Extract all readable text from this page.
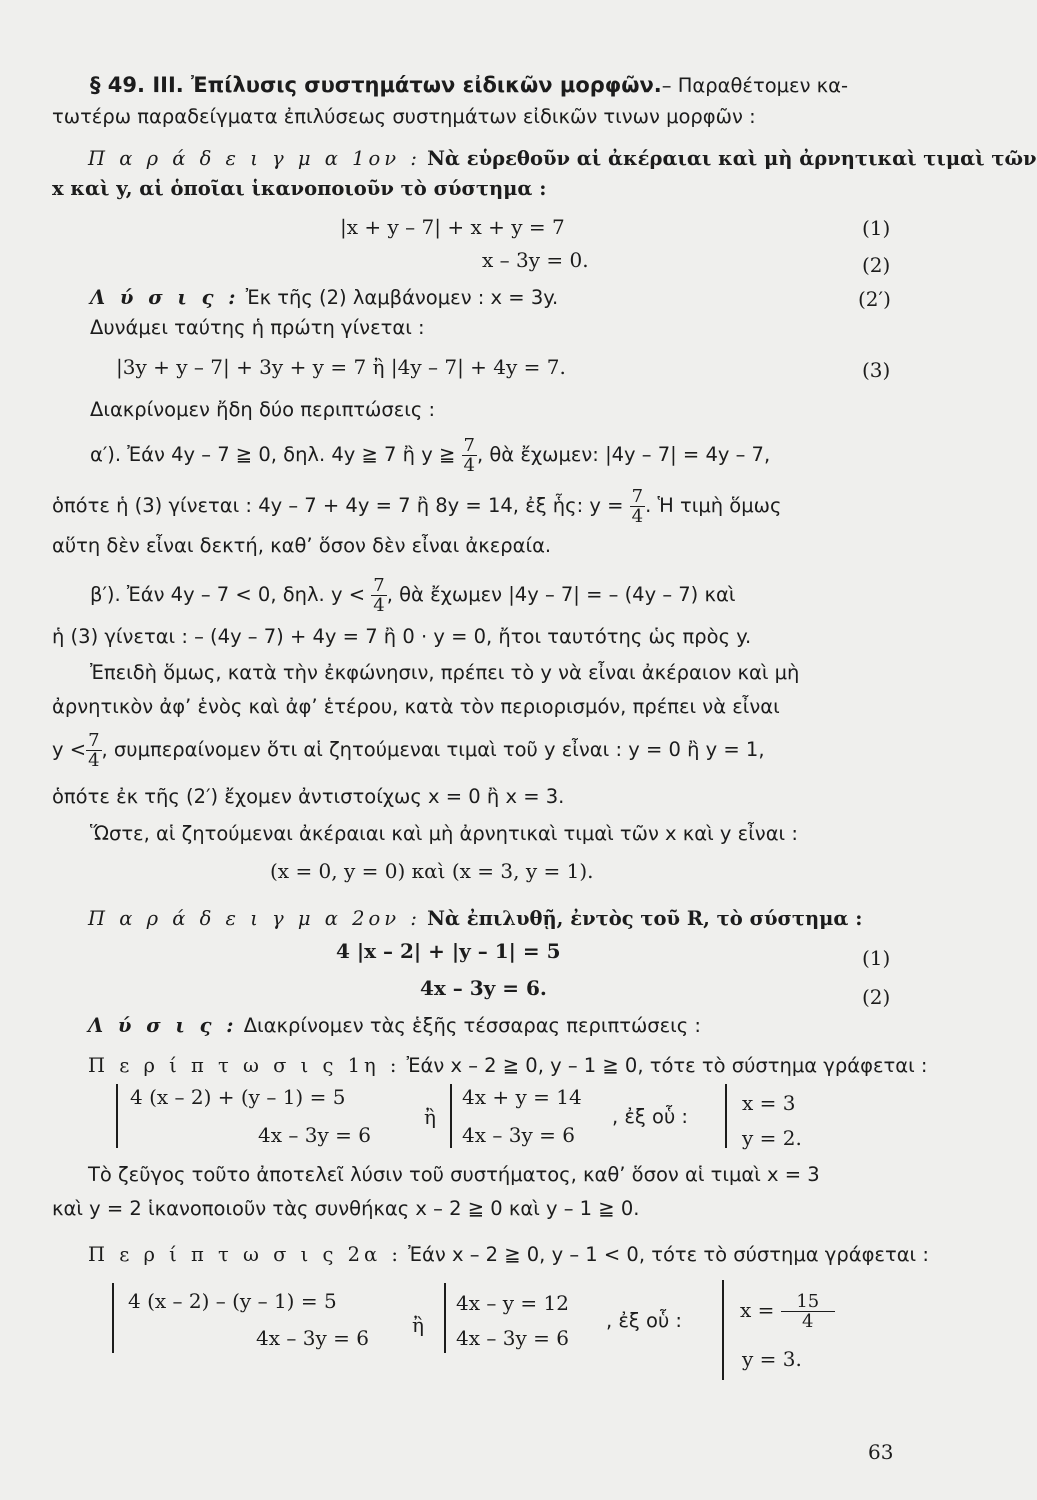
§ 49. ΙΙΙ. Ἐπίλυσις συστημάτων εἰδικῶν μορφῶν.– Παραθέτομεν κα-
τωτέρω παραδείγματα ἐπιλύσεως συστημάτων εἰδικῶν τινων μορφῶν :
Π α ρ ά δ ε ι γ μ α 1ον : Νὰ εὑρεθοῦν αἱ ἀκέραιαι καὶ μὴ ἀρνητικαὶ τιμαὶ τῶν
x καὶ y, αἱ ὁποῖαι ἱκανοποιοῦν τὸ σύστημα :
|x + y – 7| + x + y = 7	(1)
x – 3y = 0.	(2)
Λ ύ σ ι ς : Ἐκ τῆς (2) λαμβάνομεν : x = 3y.	(2′)
Δυνάμει ταύτης ἡ πρώτη γίνεται :
|3y + y – 7| + 3y + y = 7 ἢ |4y – 7| + 4y = 7.	(3)
Διακρίνομεν ἤδη δύο περιπτώσεις :
α′). Ἐάν 4y – 7 ≧ 0, δηλ. 4y ≧ 7 ἢ y ≧ $\frac{7}{4}$ , θὰ ἔχωμεν: |4y – 7| = 4y – 7,
ὁπότε ἡ (3) γίνεται : 4y – 7 + 4y = 7 ἢ 8y = 14, ἐξ ἧς: $y = \frac{7}{4}$ . Ἡ τιμὴ ὅμως
αὕτη δὲν εἶναι δεκτή, καθ’ ὅσον δὲν εἶναι ἀκεραία.
β′). Ἐάν 4y – 7 < 0, δηλ. $y < \frac{7}{4}$ , θὰ ἔχωμεν |4y – 7| = – (4y – 7) καὶ
ἡ (3) γίνεται : – (4y – 7) + 4y = 7 ἢ 0 · y = 0, ἤτοι ταυτότης ὡς πρὸς y.
Ἐπειδὴ ὅμως, κατὰ τὴν ἐκφώνησιν, πρέπει τὸ y νὰ εἶναι ἀκέραιον καὶ μὴ
ἀρνητικὸν ἀφ’ ἑνὸς καὶ ἀφ’ ἑτέρου, κατὰ τὸν περιορισμόν, πρέπει νὰ εἶναι
$y < \frac{7}{4}$ , συμπεραίνομεν ὅτι αἱ ζητούμεναι τιμαὶ τοῦ y εἶναι : y = 0 ἢ y = 1,
ὁπότε ἐκ τῆς (2′) ἔχομεν ἀντιστοίχως x = 0 ἢ x = 3.
Ὥστε, αἱ ζητούμεναι ἀκέραιαι καὶ μὴ ἀρνητικαὶ τιμαὶ τῶν x καὶ y εἶναι :
(x = 0, y = 0) καὶ (x = 3, y = 1).
Π α ρ ά δ ε ι γ μ α 2ον : Νὰ ἐπιλυθῇ, ἐντὸς τοῦ R, τὸ σύστημα :
4 |x – 2| + |y – 1| = 5	(1)
4x – 3y = 6.	(2)
Λ ύ σ ι ς : Διακρίνομεν τὰς ἑξῆς τέσσαρας περιπτώσεις :
Π ε ρ ί π τ ω σ ι ς 1η : Ἐάν x – 2 ≧ 0, y – 1 ≧ 0, τότε τὸ σύστημα γράφεται :
4 (x – 2) + (y – 1) = 5
4x – 3y = 6
ἢ
4x + y = 14
4x – 3y = 6
, ἐξ οὗ :
x = 3
y = 2.
Τὸ ζεῦγος τοῦτο ἀποτελεῖ λύσιν τοῦ συστήματος, καθ’ ὅσον αἱ τιμαὶ x = 3
καὶ y = 2 ἱκανοποιοῦν τὰς συνθήκας x – 2 ≧ 0 καὶ y – 1 ≧ 0.
Π ε ρ ί π τ ω σ ι ς 2α : Ἐάν x – 2 ≧ 0, y – 1 < 0, τότε τὸ σύστημα γράφεται :
4 (x – 2) – (y – 1) = 5
4x – 3y = 6
ἢ
4x – y = 12
4x – 3y = 6
, ἐξ οὗ :	$x = \frac{15}{4}$
y = 3.
63
